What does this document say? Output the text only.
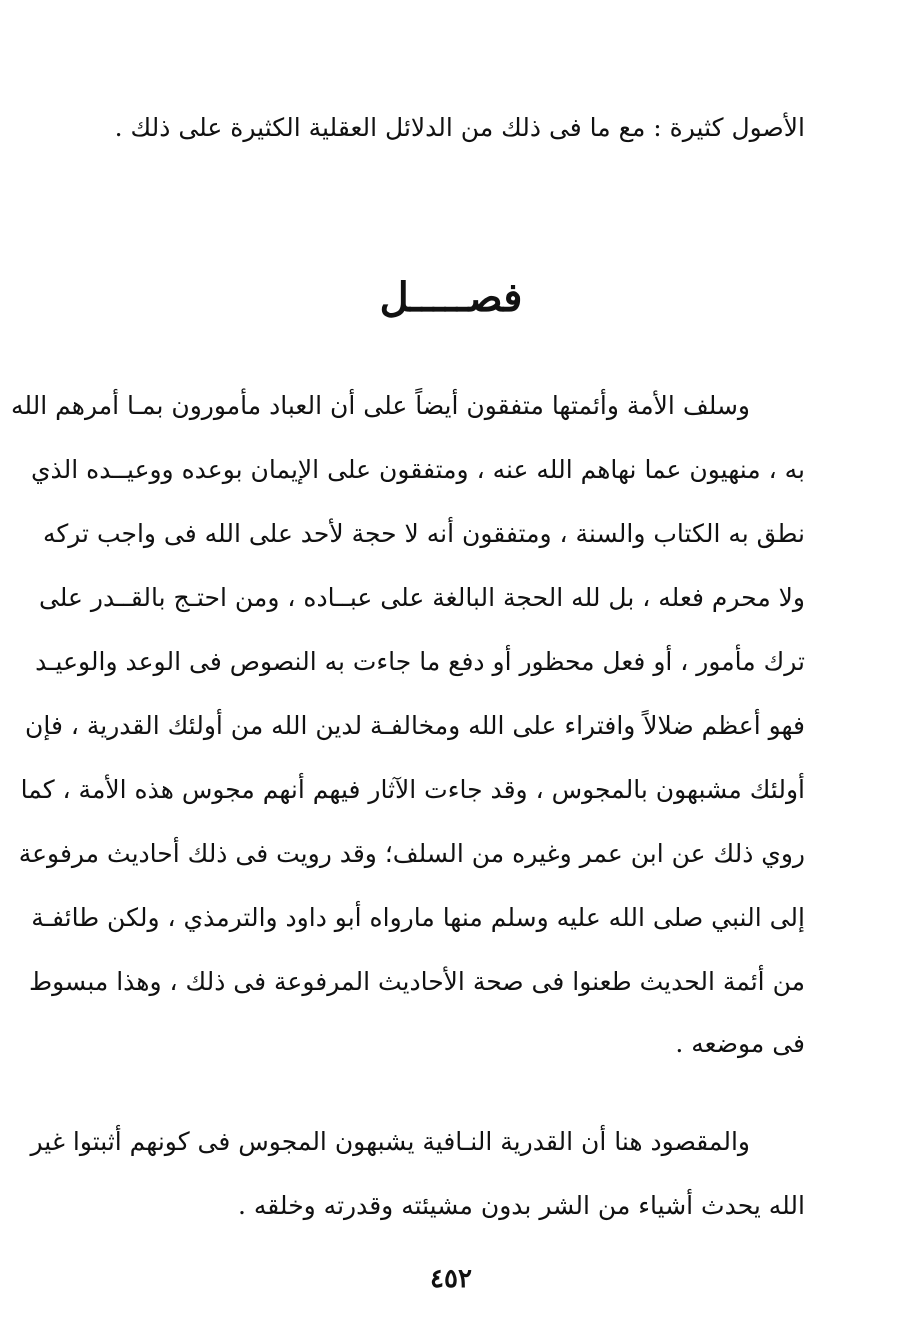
الأصول كثيرة : مع ما فى ذلك من الدلائل العقلية الكثيرة على ذلك .
فصـــــل
وسلف الأمة وأئمتها متفقون أيضاً على أن العباد مأمورون بمـا أمرهم الله
به ، منهيون عما نهاهم الله عنه ، ومتفقون على الإيمان بوعده ووعيــده الذي
نطق به الكتاب والسنة ، ومتفقون أنه لا حجة لأحد على الله فى واجب تركه
ولا محرم فعله ، بل لله الحجة البالغة على عبــاده ، ومن احتـج بالقــدر على
ترك مأمور ، أو فعل محظور أو دفع ما جاءت به النصوص فى الوعد والوعيـد
فهو أعظم ضلالاً وافتراء على الله ومخالفـة لدين الله من أولئك القدرية ، فإن
أولئك مشبهون بالمجوس ، وقد جاءت الآثار فيهم أنهم مجوس هذه الأمة ، كما
روي ذلك عن ابن عمر وغيره من السلف؛ وقد رويت فى ذلك أحاديث مرفوعة
إلى النبي صلى الله عليه وسلم منها مارواه أبو داود والترمذي ، ولكن طائفـة
من أئمة الحديث طعنوا فى صحة الأحاديث المرفوعة فى ذلك ، وهذا مبسوط
فى موضعه .
والمقصود هنا أن القدرية النـافية يشبهون المجوس فى كونهم أثبتوا غير
الله يحدث أشياء من الشر بدون مشيئته وقدرته وخلقه .
٤٥٢
